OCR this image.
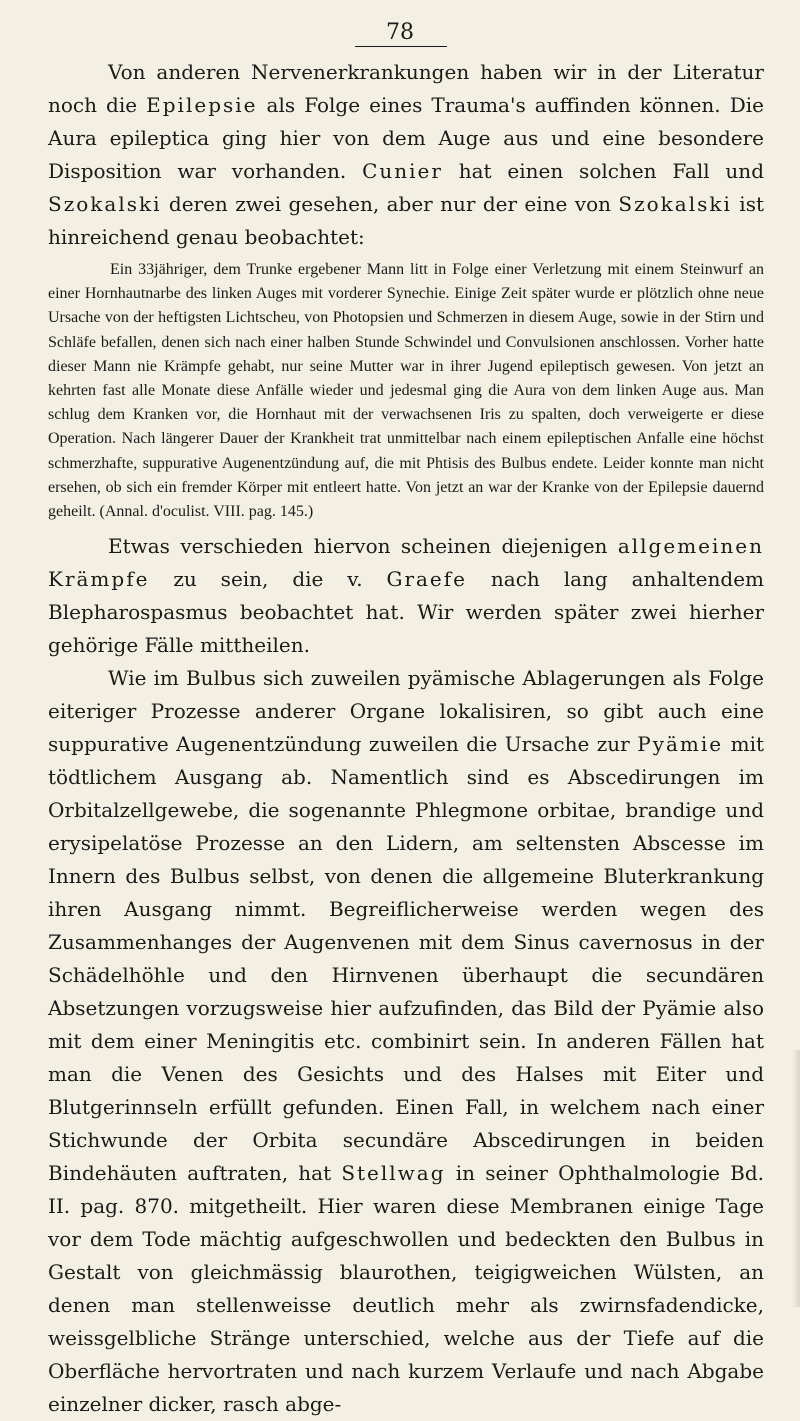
78

Von anderen Nervenerkrankungen haben wir in der Literatur noch die Epilepsie als Folge eines Trauma's auffinden können. Die Aura epileptica ging hier von dem Auge aus und eine besondere Disposition war vorhanden. Cunier hat einen solchen Fall und Szokalski deren zwei gesehen, aber nur der eine von Szokalski ist hinreichend genau beobachtet:

Ein 33jähriger, dem Trunke ergebener Mann litt in Folge einer Verletzung mit einem Steinwurf an einer Hornhautnarbe des linken Auges mit vorderer Synechie. Einige Zeit später wurde er plötzlich ohne neue Ursache von der heftigsten Lichtscheu, von Photopsien und Schmerzen in diesem Auge, sowie in der Stirn und Schläfe befallen, denen sich nach einer halben Stunde Schwindel und Convulsionen anschlossen. Vorher hatte dieser Mann nie Krämpfe gehabt, nur seine Mutter war in ihrer Jugend epileptisch gewesen. Von jetzt an kehrten fast alle Monate diese Anfälle wieder und jedesmal ging die Aura von dem linken Auge aus. Man schlug dem Kranken vor, die Hornhaut mit der verwachsenen Iris zu spalten, doch verweigerte er diese Operation. Nach längerer Dauer der Krankheit trat unmittelbar nach einem epileptischen Anfalle eine höchst schmerzhafte, suppurative Augenentzündung auf, die mit Phtisis des Bulbus endete. Leider konnte man nicht ersehen, ob sich ein fremder Körper mit entleert hatte. Von jetzt an war der Kranke von der Epilepsie dauernd geheilt. (Annal. d'oculist. VIII. pag. 145.)

Etwas verschieden hiervon scheinen diejenigen allgemeinen Krämpfe zu sein, die v. Graefe nach lang anhaltendem Blepharospasmus beobachtet hat. Wir werden später zwei hierher gehörige Fälle mittheilen.

Wie im Bulbus sich zuweilen pyämische Ablagerungen als Folge eiteriger Prozesse anderer Organe lokalisiren, so gibt auch eine suppurative Augenentzündung zuweilen die Ursache zur Pyämie mit tödtlichem Ausgang ab. Namentlich sind es Abscedirungen im Orbitalzellgewebe, die sogenannte Phlegmone orbitae, brandige und erysipelatöse Prozesse an den Lidern, am seltensten Abscesse im Innern des Bulbus selbst, von denen die allgemeine Bluterkrankung ihren Ausgang nimmt. Begreiflicherweise werden wegen des Zusammenhanges der Augenvenen mit dem Sinus cavernosus in der Schädelhöhle und den Hirnvenen überhaupt die secundären Absetzungen vorzugsweise hier aufzufinden, das Bild der Pyämie also mit dem einer Meningitis etc. combinirt sein. In anderen Fällen hat man die Venen des Gesichts und des Halses mit Eiter und Blutgerinnseln erfüllt gefunden. Einen Fall, in welchem nach einer Stichwunde der Orbita secundäre Abscedirungen in beiden Bindehäuten auftraten, hat Stellwag in seiner Ophthalmologie Bd. II. pag. 870. mitgetheilt. Hier waren diese Membranen einige Tage vor dem Tode mächtig aufgeschwollen und bedeckten den Bulbus in Gestalt von gleichmässig blaurothen, teigigweichen Wülsten, an denen man stellenweisse deutlich mehr als zwirnsfadendicke, weissgelbliche Stränge unterschied, welche aus der Tiefe auf die Oberfläche hervortraten und nach kurzem Verlaufe und nach Abgabe einzelner dicker, rasch abge-
